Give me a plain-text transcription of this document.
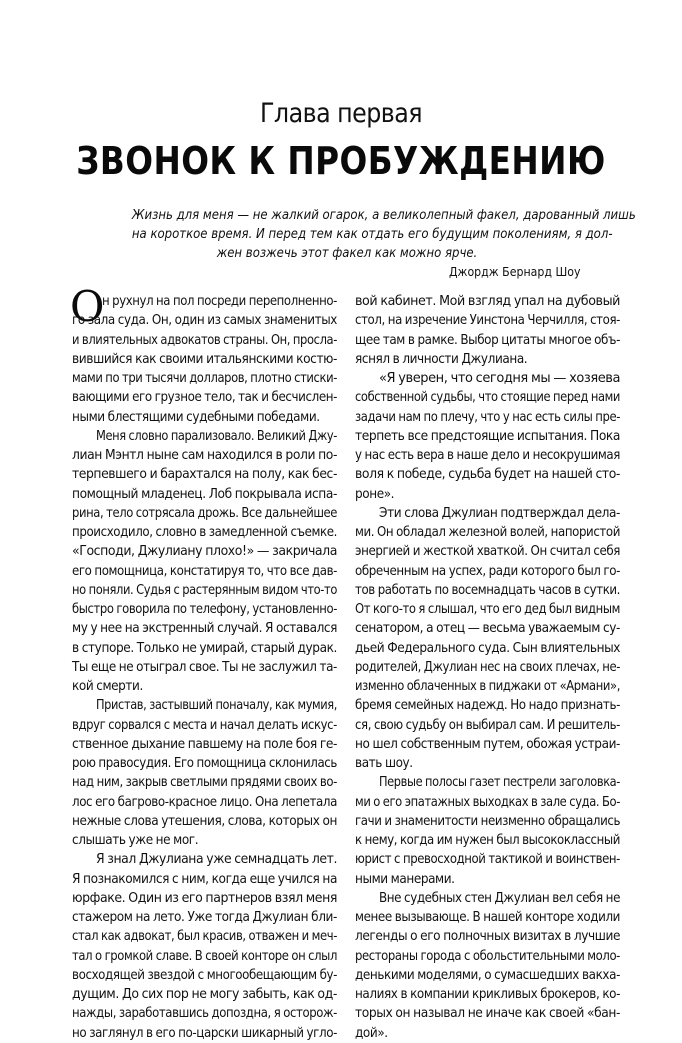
Глава первая
ЗВОНОК К ПРОБУЖДЕНИЮ
Жизнь для меня — не жалкий огарок, а великолепный факел, дарованный лишь
на короткое время. И перед тем как отдать его будущим поколениям, я дол-
жен возжечь этот факел как можно ярче.
Джордж Бернард Шоу
О
н рухнул на пол посреди переполненно-
го зала суда. Он, один из самых знаменитых
и влиятельных адвокатов страны. Он, просла-
вившийся как своими итальянскими костю-
мами по три тысячи долларов, плотно стиски-
вающими его грузное тело, так и бесчислен-
ными блестящими судебными победами.
Меня словно парализовало. Великий Джу-
лиан Мэнтл ныне сам находился в роли по-
терпевшего и барахтался на полу, как бес-
помощный младенец. Лоб покрывала испа-
рина, тело сотрясала дрожь. Все дальнейшее
происходило, словно в замедленной съемке.
«Господи, Джулиану плохо!» — закричала
его помощница, констатируя то, что все дав-
но поняли. Судья с растерянным видом что-то
быстро говорила по телефону, установленно-
му у нее на экстренный случай. Я оставался
в ступоре. Только не умирай, старый дурак.
Ты еще не отыграл свое. Ты не заслужил та-
кой смерти.
Пристав, застывший поначалу, как мумия,
вдруг сорвался с места и начал делать искус-
ственное дыхание павшему на поле боя ге-
рою правосудия. Его помощница склонилась
над ним, закрыв светлыми прядями своих во-
лос его багрово-красное лицо. Она лепетала
нежные слова утешения, слова, которых он
слышать уже не мог.
Я знал Джулиана уже семнадцать лет.
Я познакомился с ним, когда еще учился на
юрфаке. Один из его партнеров взял меня
стажером на лето. Уже тогда Джулиан бли-
стал как адвокат, был красив, отважен и меч-
тал о громкой славе. В своей конторе он слыл
восходящей звездой с многообещающим бу-
дущим. До сих пор не могу забыть, как од-
нажды, заработавшись допоздна, я осторож-
но заглянул в его по-царски шикарный угло-
вой кабинет. Мой взгляд упал на дубовый
стол, на изречение Уинстона Черчилля, стоя-
щее там в рамке. Выбор цитаты многое объ-
яснял в личности Джулиана.
«Я уверен, что сегодня мы — хозяева
собственной судьбы, что стоящие перед нами
задачи нам по плечу, что у нас есть силы пре-
терпеть все предстоящие испытания. Пока
у нас есть вера в наше дело и несокрушимая
воля к победе, судьба будет на нашей сто-
роне».
Эти слова Джулиан подтверждал дела-
ми. Он обладал железной волей, напористой
энергией и жесткой хваткой. Он считал себя
обреченным на успех, ради которого был го-
тов работать по восемнадцать часов в сутки.
От кого-то я слышал, что его дед был видным
сенатором, а отец — весьма уважаемым су-
дьей Федерального суда. Сын влиятельных
родителей, Джулиан нес на своих плечах, не-
изменно облаченных в пиджаки от «Армани»,
бремя семейных надежд. Но надо признать-
ся, свою судьбу он выбирал сам. И решитель-
но шел собственным путем, обожая устраи-
вать шоу.
Первые полосы газет пестрели заголовка-
ми о его эпатажных выходках в зале суда. Бо-
гачи и знаменитости неизменно обращались
к нему, когда им нужен был высококлассный
юрист с превосходной тактикой и воинствен-
ными манерами.
Вне судебных стен Джулиан вел себя не
менее вызывающе. В нашей конторе ходили
легенды о его полночных визитах в лучшие
рестораны города с обольстительными моло-
денькими моделями, о сумасшедших вакха-
налиях в компании крикливых брокеров, ко-
торых он называл не иначе как своей «бан-
дой».
